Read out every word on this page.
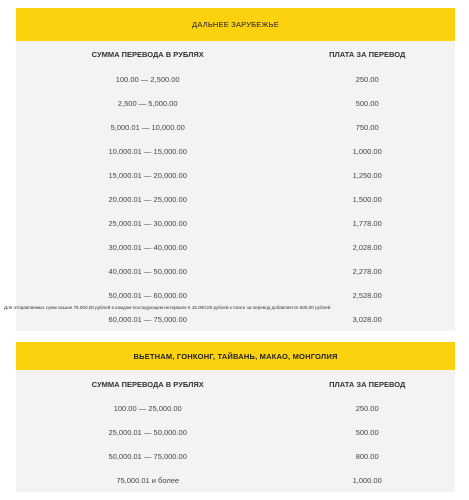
ДАЛЬНЕЕ ЗАРУБЕЖЬЕ
СУММА ПЕРЕВОДА В РУБЛЯХ	ПЛАТА ЗА ПЕРЕВОД
100.00 — 2,500.00	250.00
2,500 — 5,000.00	500.00
5,000.01 — 10,000.00	750.00
10,000.01 — 15,000.00	1,000.00
15,000.01 — 20,000.00	1,250.00
20,000.01 — 25,000.00	1,500.00
25,000.01 — 30,000.00	1,778.00
30,000.01 — 40,000.00	2,028.00
40,000.01 — 50,000.00	2,278.00
50,000.01 — 60,000.00	2,528.00
60,000.01 — 75,000.00	3,028.00
Для отправляемых сумм свыше 75.000,00 рублей в каждом последующем интервале в 15.000,00 рублей к плате за перевод добавляется 500,00 рублей.
ВЬЕТНАМ, ГОНКОНГ, ТАЙВАНЬ, МАКАО, МОНГОЛИЯ
СУММА ПЕРЕВОДА В РУБЛЯХ	ПЛАТА ЗА ПЕРЕВОД
100.00 — 25,000.00	250.00
25,000.01 — 50,000.00	500.00
50,000.01 — 75,000.00	800.00
75,000.01 и более	1,000.00
